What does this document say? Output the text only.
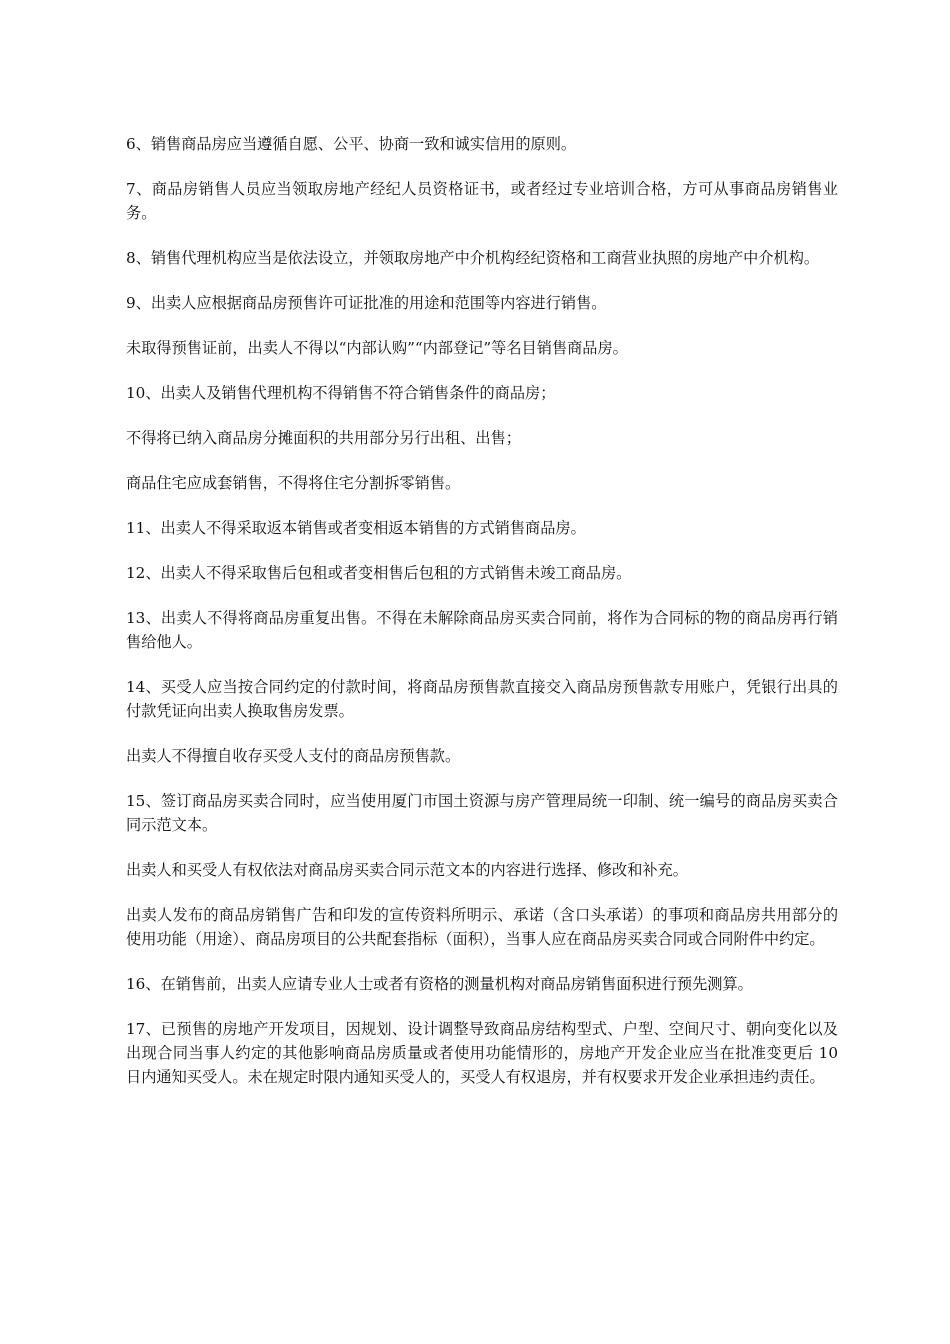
6、销售商品房应当遵循自愿、公平、协商一致和诚实信用的原则。

7、商品房销售人员应当领取房地产经纪人员资格证书，或者经过专业培训合格，方可从事商品房销售业务。

8、销售代理机构应当是依法设立，并领取房地产中介机构经纪资格和工商营业执照的房地产中介机构。

9、出卖人应根据商品房预售许可证批准的用途和范围等内容进行销售。

未取得预售证前，出卖人不得以“内部认购”“内部登记”等名目销售商品房。

10、出卖人及销售代理机构不得销售不符合销售条件的商品房；

不得将已纳入商品房分摊面积的共用部分另行出租、出售；

商品住宅应成套销售，不得将住宅分割拆零销售。

11、出卖人不得采取返本销售或者变相返本销售的方式销售商品房。

12、出卖人不得采取售后包租或者变相售后包租的方式销售未竣工商品房。

13、出卖人不得将商品房重复出售。不得在未解除商品房买卖合同前，将作为合同标的物的商品房再行销售给他人。

14、买受人应当按合同约定的付款时间，将商品房预售款直接交入商品房预售款专用账户，凭银行出具的付款凭证向出卖人换取售房发票。

出卖人不得擅自收存买受人支付的商品房预售款。

15、签订商品房买卖合同时，应当使用厦门市国土资源与房产管理局统一印制、统一编号的商品房买卖合同示范文本。

出卖人和买受人有权依法对商品房买卖合同示范文本的内容进行选择、修改和补充。

出卖人发布的商品房销售广告和印发的宣传资料所明示、承诺（含口头承诺）的事项和商品房共用部分的使用功能（用途）、商品房项目的公共配套指标（面积），当事人应在商品房买卖合同或合同附件中约定。

16、在销售前，出卖人应请专业人士或者有资格的测量机构对商品房销售面积进行预先测算。

17、已预售的房地产开发项目，因规划、设计调整导致商品房结构型式、户型、空间尺寸、朝向变化以及出现合同当事人约定的其他影响商品房质量或者使用功能情形的，房地产开发企业应当在批准变更后 10 日内通知买受人。未在规定时限内通知买受人的，买受人有权退房，并有权要求开发企业承担违约责任。
